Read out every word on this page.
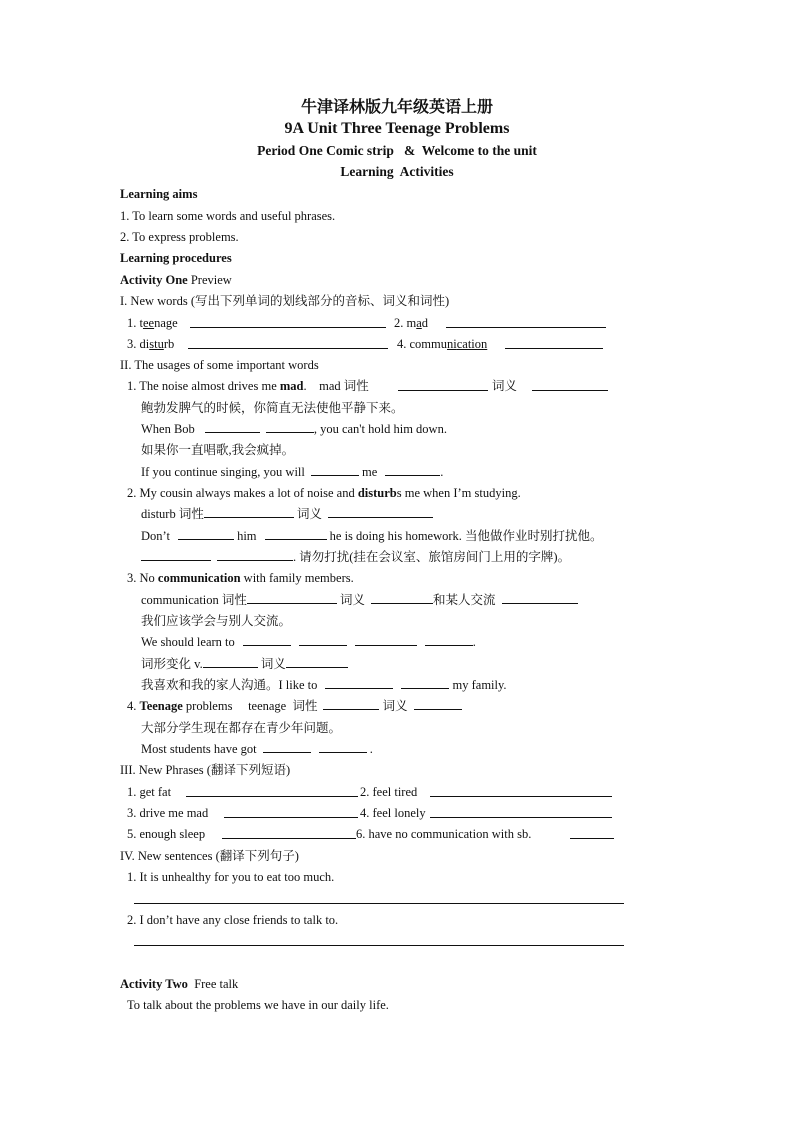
牛津译林版九年级英语上册
9A Unit Three Teenage Problems
Period One Comic strip   &  Welcome to the unit
Learning  Activities
Learning aims
1. To learn some words and useful phrases.
2. To express problems.
Learning procedures
Activity One Preview
I. New words (写出下列单词的划线部分的音标、词义和词性)
1. teenage	2. mad
3. disturb	4. communication
II. The usages of some important words
1. The noise almost drives me mad.    mad 词性	词义
鲍勃发脾气的时候，你简直无法使他平静下来。
When Bob	, you can't hold him down.
如果你一直唱歌,我会疯掉。
If you continue singing, you will	me	.
2. My cousin always makes a lot of noise and disturbs me when I’m studying.
disturb 词性	词义
Don’t	him	he is doing his homework. 当他做作业时别打扰他。
. 请勿打扰(挂在会议室、旅馆房间门上用的字牌)。
3. No communication with family members.
communication 词性	词义	和某人交流
我们应该学会与别人交流。
We should learn to	.
词形变化 v.	词义
我喜欢和我的家人沟通。I like to	my family.
4. Teenage problems     teenage  词性	词义
大部分学生现在都存在青少年问题。
Most students have got	.
III. New Phrases (翻译下列短语)
1. get fat	2. feel tired
3. drive me mad	4. feel lonely
5. enough sleep	6. have no communication with sb.
IV. New sentences (翻译下列句子)
1. It is unhealthy for you to eat too much.
2. I don’t have any close friends to talk to.
Activity Two  Free talk
To talk about the problems we have in our daily life.
